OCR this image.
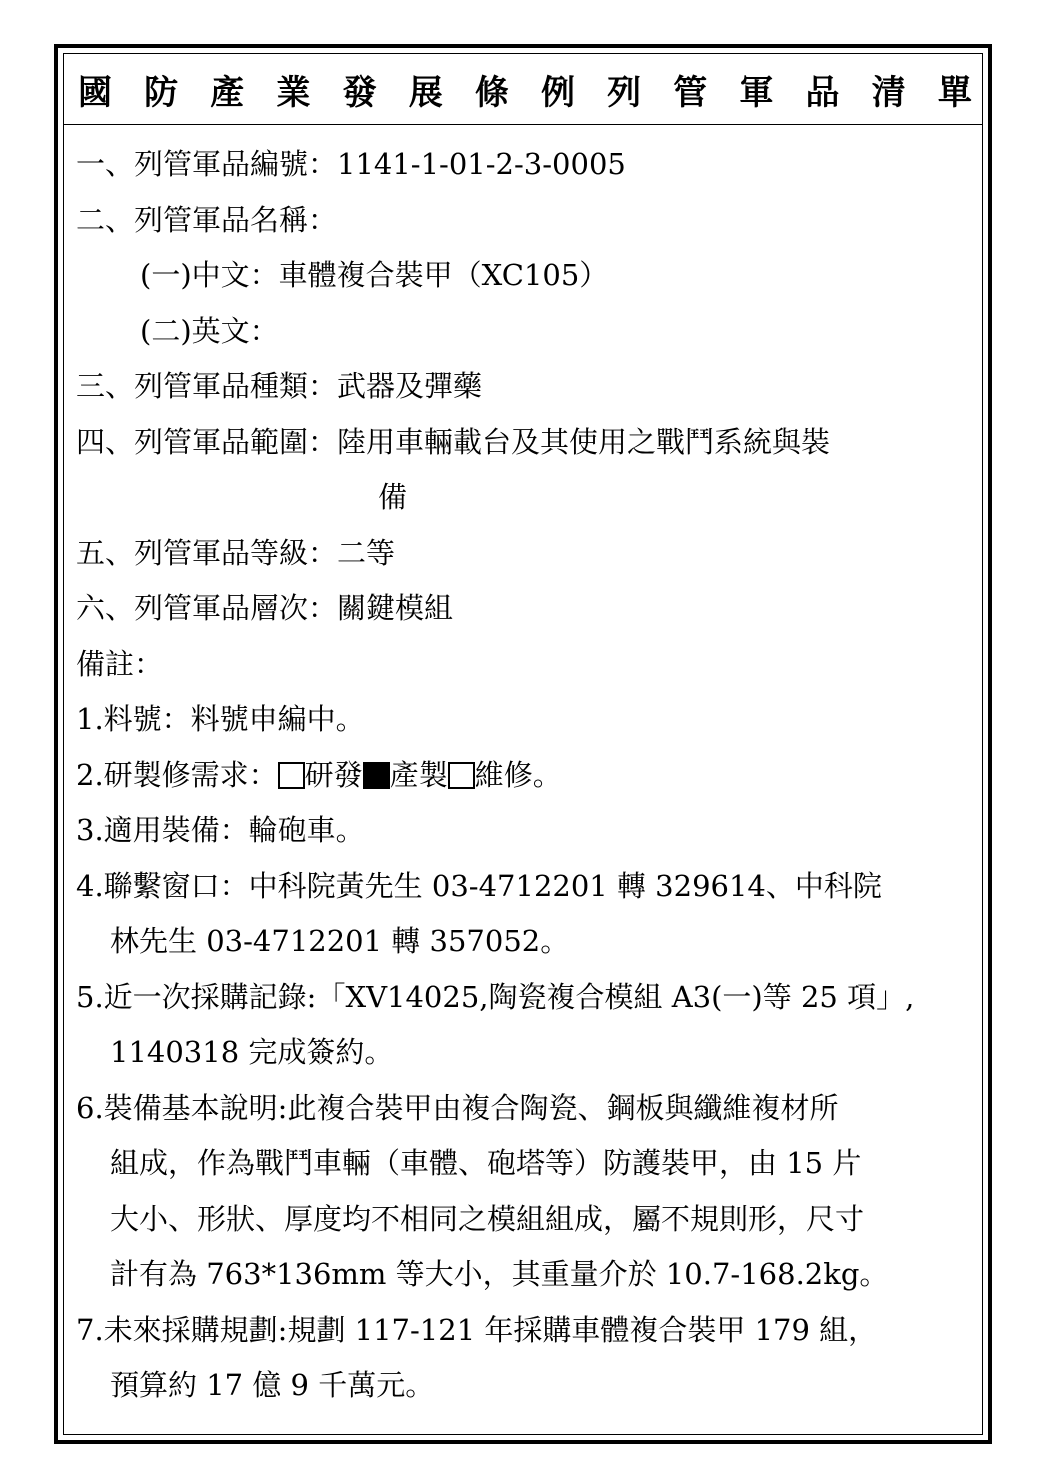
國 防 產 業 發 展 條 例 列 管 軍 品 清 單
一、列管軍品編號：1141-1-01-2-3-0005
二、列管軍品名稱：
(一)中文：車體複合裝甲（XC105）
(二)英文：
三、列管軍品種類：武器及彈藥
四、列管軍品範圍：陸用車輛載台及其使用之戰鬥系統與裝
備
五、列管軍品等級：二等
六、列管軍品層次：關鍵模組
備註：
1.料號：料號申編中。
2.研製修需求： 研發 產製 維修。
3.適用裝備：輪砲車。
4.聯繫窗口：中科院黃先生 03-4712201 轉 329614、中科院
林先生 03-4712201 轉 357052。
5.近一次採購記錄:「XV14025,陶瓷複合模組 A3(一)等 25 項」,
1140318 完成簽約。
6.裝備基本說明:此複合裝甲由複合陶瓷、鋼板與纖維複材所
組成，作為戰鬥車輛（車體、砲塔等）防護裝甲，由 15 片
大小、形狀、厚度均不相同之模組組成，屬不規則形，尺寸
計有為 763*136mm 等大小，其重量介於 10.7-168.2kg。
7.未來採購規劃:規劃 117-121 年採購車體複合裝甲 179 組，
預算約 17 億 9 千萬元。
